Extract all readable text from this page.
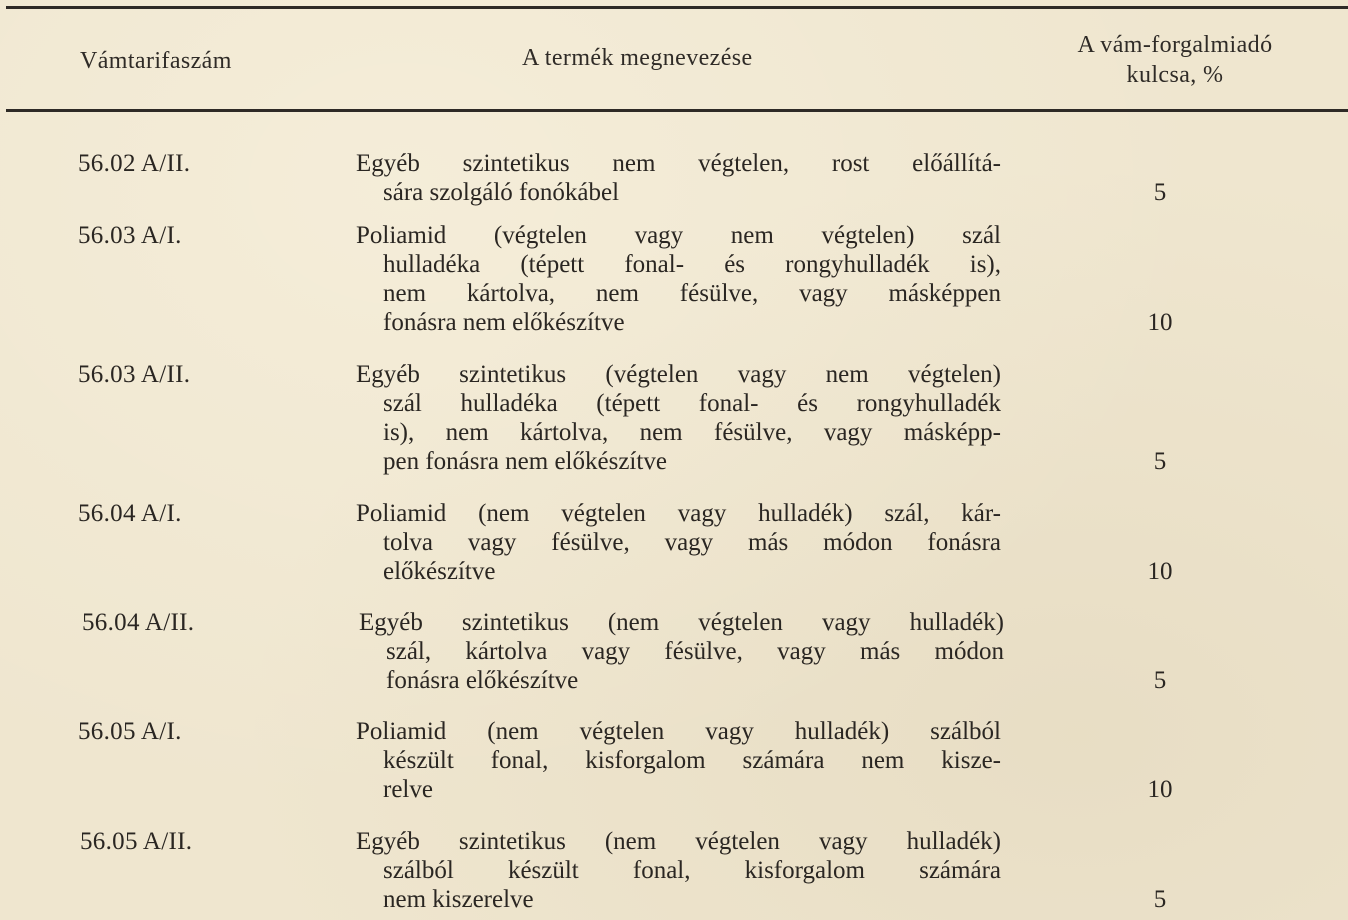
Vámtarifaszám	A termék megnevezése	A vám-forgalmiadó
kulcsa, %
56.02 A/II.	Egyéb szintetikus nem végtelen, rost előállítá-
sára szolgáló fonókábel	5
56.03 A/I.	Poliamid (végtelen vagy nem végtelen) szál
hulladéka (tépett fonal- és rongyhulladék is),
nem kártolva, nem fésülve, vagy másképpen
fonásra nem előkészítve	10
56.03 A/II.	Egyéb szintetikus (végtelen vagy nem végtelen)
szál hulladéka (tépett fonal- és rongyhulladék
is), nem kártolva, nem fésülve, vagy másképp-
pen fonásra nem előkészítve	5
56.04 A/I.	Poliamid (nem végtelen vagy hulladék) szál, kár-
tolva vagy fésülve, vagy más módon fonásra
előkészítve	10
56.04 A/II.	Egyéb szintetikus (nem végtelen vagy hulladék)
szál, kártolva vagy fésülve, vagy más módon
fonásra előkészítve	5
56.05 A/I.	Poliamid (nem végtelen vagy hulladék) szálból
készült fonal, kisforgalom számára nem kisze-
relve	10
56.05 A/II.	Egyéb szintetikus (nem végtelen vagy hulladék)
szálból készült fonal, kisforgalom számára
nem kiszerelve	5
